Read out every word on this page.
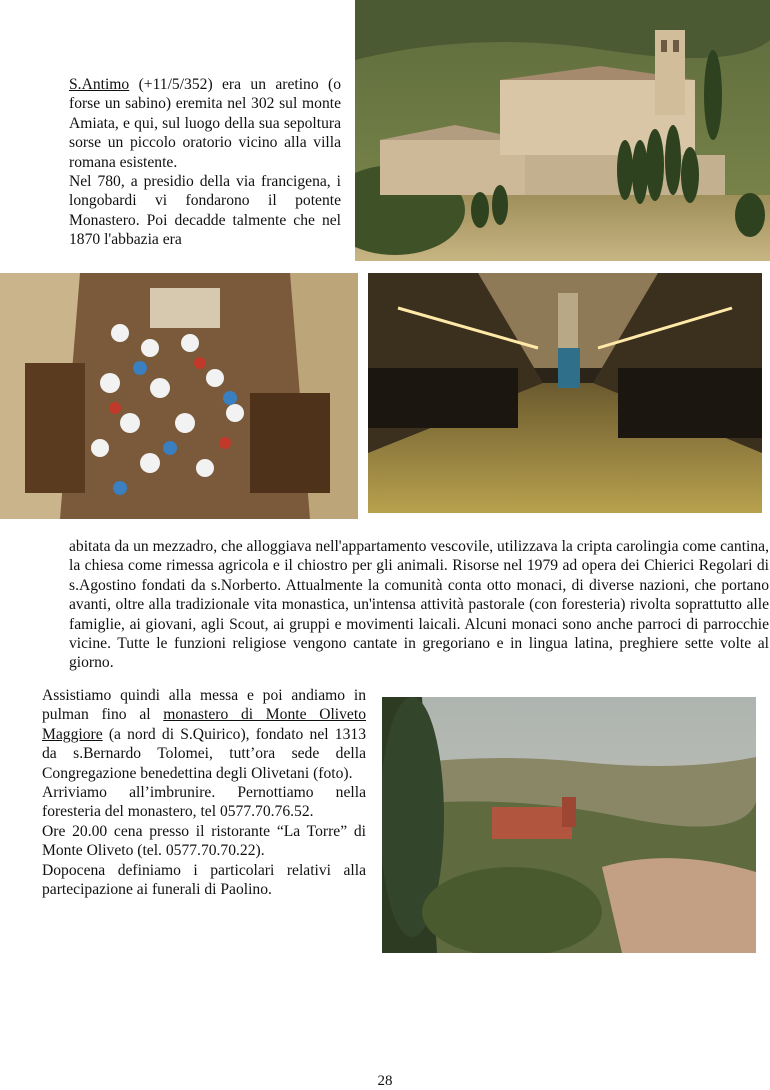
S.Antimo (+11/5/352) era un aretino (o forse un sabino) eremita nel 302 sul monte Amiata, e qui, sul luogo della sua sepoltura sorse un piccolo oratorio vicino alla villa romana esistente.

Nel 780, a presidio della via francigena, i longobardi vi fondarono il potente Monastero. Poi decadde talmente che nel 1870 l'abbazia era

abitata da un mezzadro, che alloggiava nell'appartamento vescovile, utilizzava la cripta carolingia come cantina, la chiesa come rimessa agricola e il chiostro per gli animali. Risorse nel 1979 ad opera dei Chierici Regolari di s.Agostino fondati da s.Norberto. Attualmente la comunità conta otto monaci, di diverse nazioni, che portano avanti, oltre alla tradizionale vita monastica, un'intensa attività pastorale (con foresteria) rivolta soprattutto alle famiglie, ai giovani, agli Scout, ai gruppi e movimenti laicali. Alcuni monaci sono anche parroci di parrocchie vicine. Tutte le funzioni religiose vengono cantate in gregoriano e in lingua latina, preghiere sette volte al giorno.

Assistiamo quindi alla messa e poi andiamo in pulman fino al monastero di Monte Oliveto Maggiore (a nord di S.Quirico), fondato nel 1313 da s.Bernardo Tolomei, tutt’ora sede della Congregazione benedettina degli Olivetani (foto).

Arriviamo all’imbrunire. Pernottiamo nella foresteria del monastero, tel 0577.70.76.52.

Ore 20.00 cena presso il ristorante “La Torre” di Monte Oliveto (tel. 0577.70.70.22).

Dopocena definiamo i particolari relativi alla partecipazione ai funerali di Paolino.

28
